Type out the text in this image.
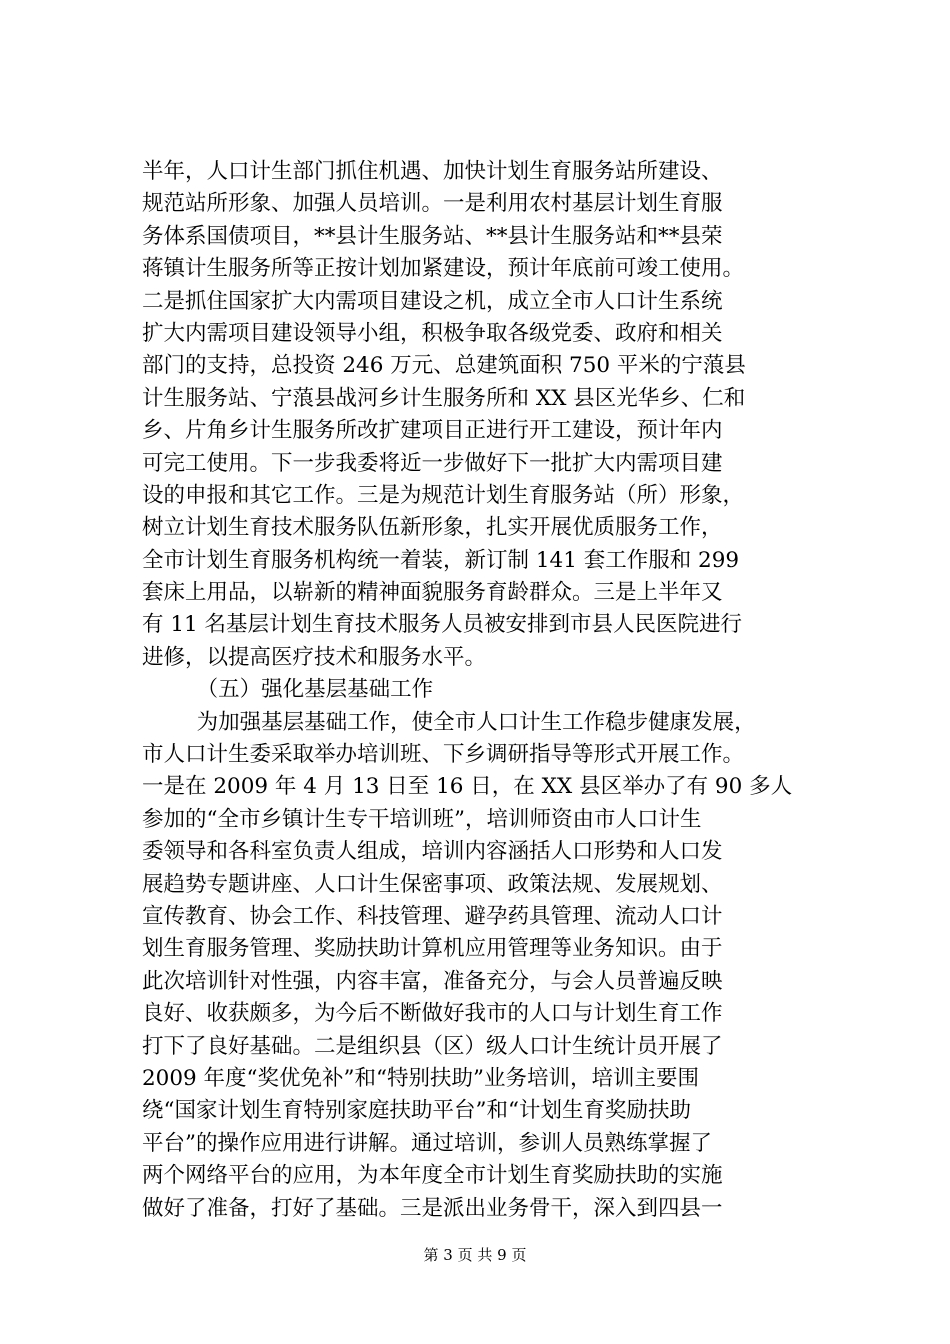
半年，人口计生部门抓住机遇、加快计划生育服务站所建设、
规范站所形象、加强人员培训。一是利用农村基层计划生育服
务体系国债项目，**县计生服务站、**县计生服务站和**县荣
蒋镇计生服务所等正按计划加紧建设，预计年底前可竣工使用。
二是抓住国家扩大内需项目建设之机，成立全市人口计生系统
扩大内需项目建设领导小组，积极争取各级党委、政府和相关
部门的支持，总投资 246 万元、总建筑面积 750 平米的宁蒗县
计生服务站、宁蒗县战河乡计生服务所和 XX 县区光华乡、仁和
乡、片角乡计生服务所改扩建项目正进行开工建设，预计年内
可完工使用。下一步我委将近一步做好下一批扩大内需项目建
设的申报和其它工作。三是为规范计划生育服务站（所）形象，
树立计划生育技术服务队伍新形象，扎实开展优质服务工作，
全市计划生育服务机构统一着装，新订制 141 套工作服和 299
套床上用品，以崭新的精神面貌服务育龄群众。三是上半年又
有 11 名基层计划生育技术服务人员被安排到市县人民医院进行
进修，以提高医疗技术和服务水平。
（五）强化基层基础工作
为加强基层基础工作，使全市人口计生工作稳步健康发展，
市人口计生委采取举办培训班、下乡调研指导等形式开展工作。
一是在 2009 年 4 月 13 日至 16 日，在 XX 县区举办了有 90 多人
参加的“全市乡镇计生专干培训班”，培训师资由市人口计生
委领导和各科室负责人组成，培训内容涵括人口形势和人口发
展趋势专题讲座、人口计生保密事项、政策法规、发展规划、
宣传教育、协会工作、科技管理、避孕药具管理、流动人口计
划生育服务管理、奖励扶助计算机应用管理等业务知识。由于
此次培训针对性强，内容丰富，准备充分，与会人员普遍反映
良好、收获颇多，为今后不断做好我市的人口与计划生育工作
打下了良好基础。二是组织县（区）级人口计生统计员开展了
2009 年度“奖优免补”和“特别扶助”业务培训，培训主要围
绕“国家计划生育特别家庭扶助平台”和“计划生育奖励扶助
平台”的操作应用进行讲解。通过培训，参训人员熟练掌握了
两个网络平台的应用，为本年度全市计划生育奖励扶助的实施
做好了准备，打好了基础。三是派出业务骨干，深入到四县一
第 3 页 共 9 页
